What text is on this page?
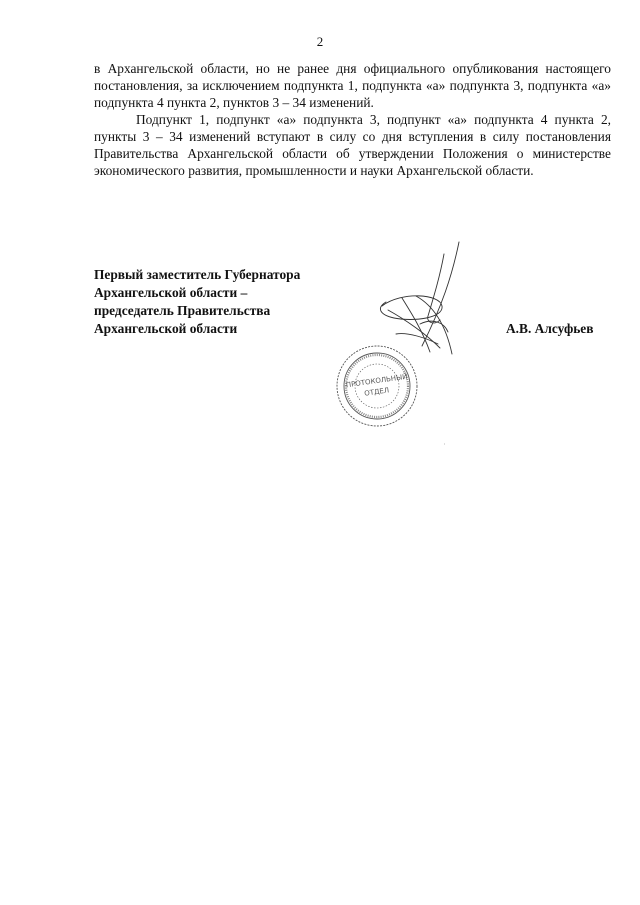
2

в Архангельской области, но не ранее дня официального опубликования настоящего постановления, за исключением подпункта 1, подпункта «а» подпункта 3, подпункта «а» подпункта 4 пункта 2, пунктов 3 – 34 изменений.

Подпункт 1, подпункт «а» подпункта 3, подпункт «а» подпункта 4 пункта 2, пункты 3 – 34 изменений вступают в силу со дня вступления в силу постановления Правительства Архангельской области об утверждении Положения о министерстве экономического развития, промышленности и науки Архангельской области.

Первый заместитель Губернатора
Архангельской области –
председатель Правительства
Архангельской области	А.В. Алсуфьев
ПРОТОКОЛЬНЫЙ
ОТДЕЛ
